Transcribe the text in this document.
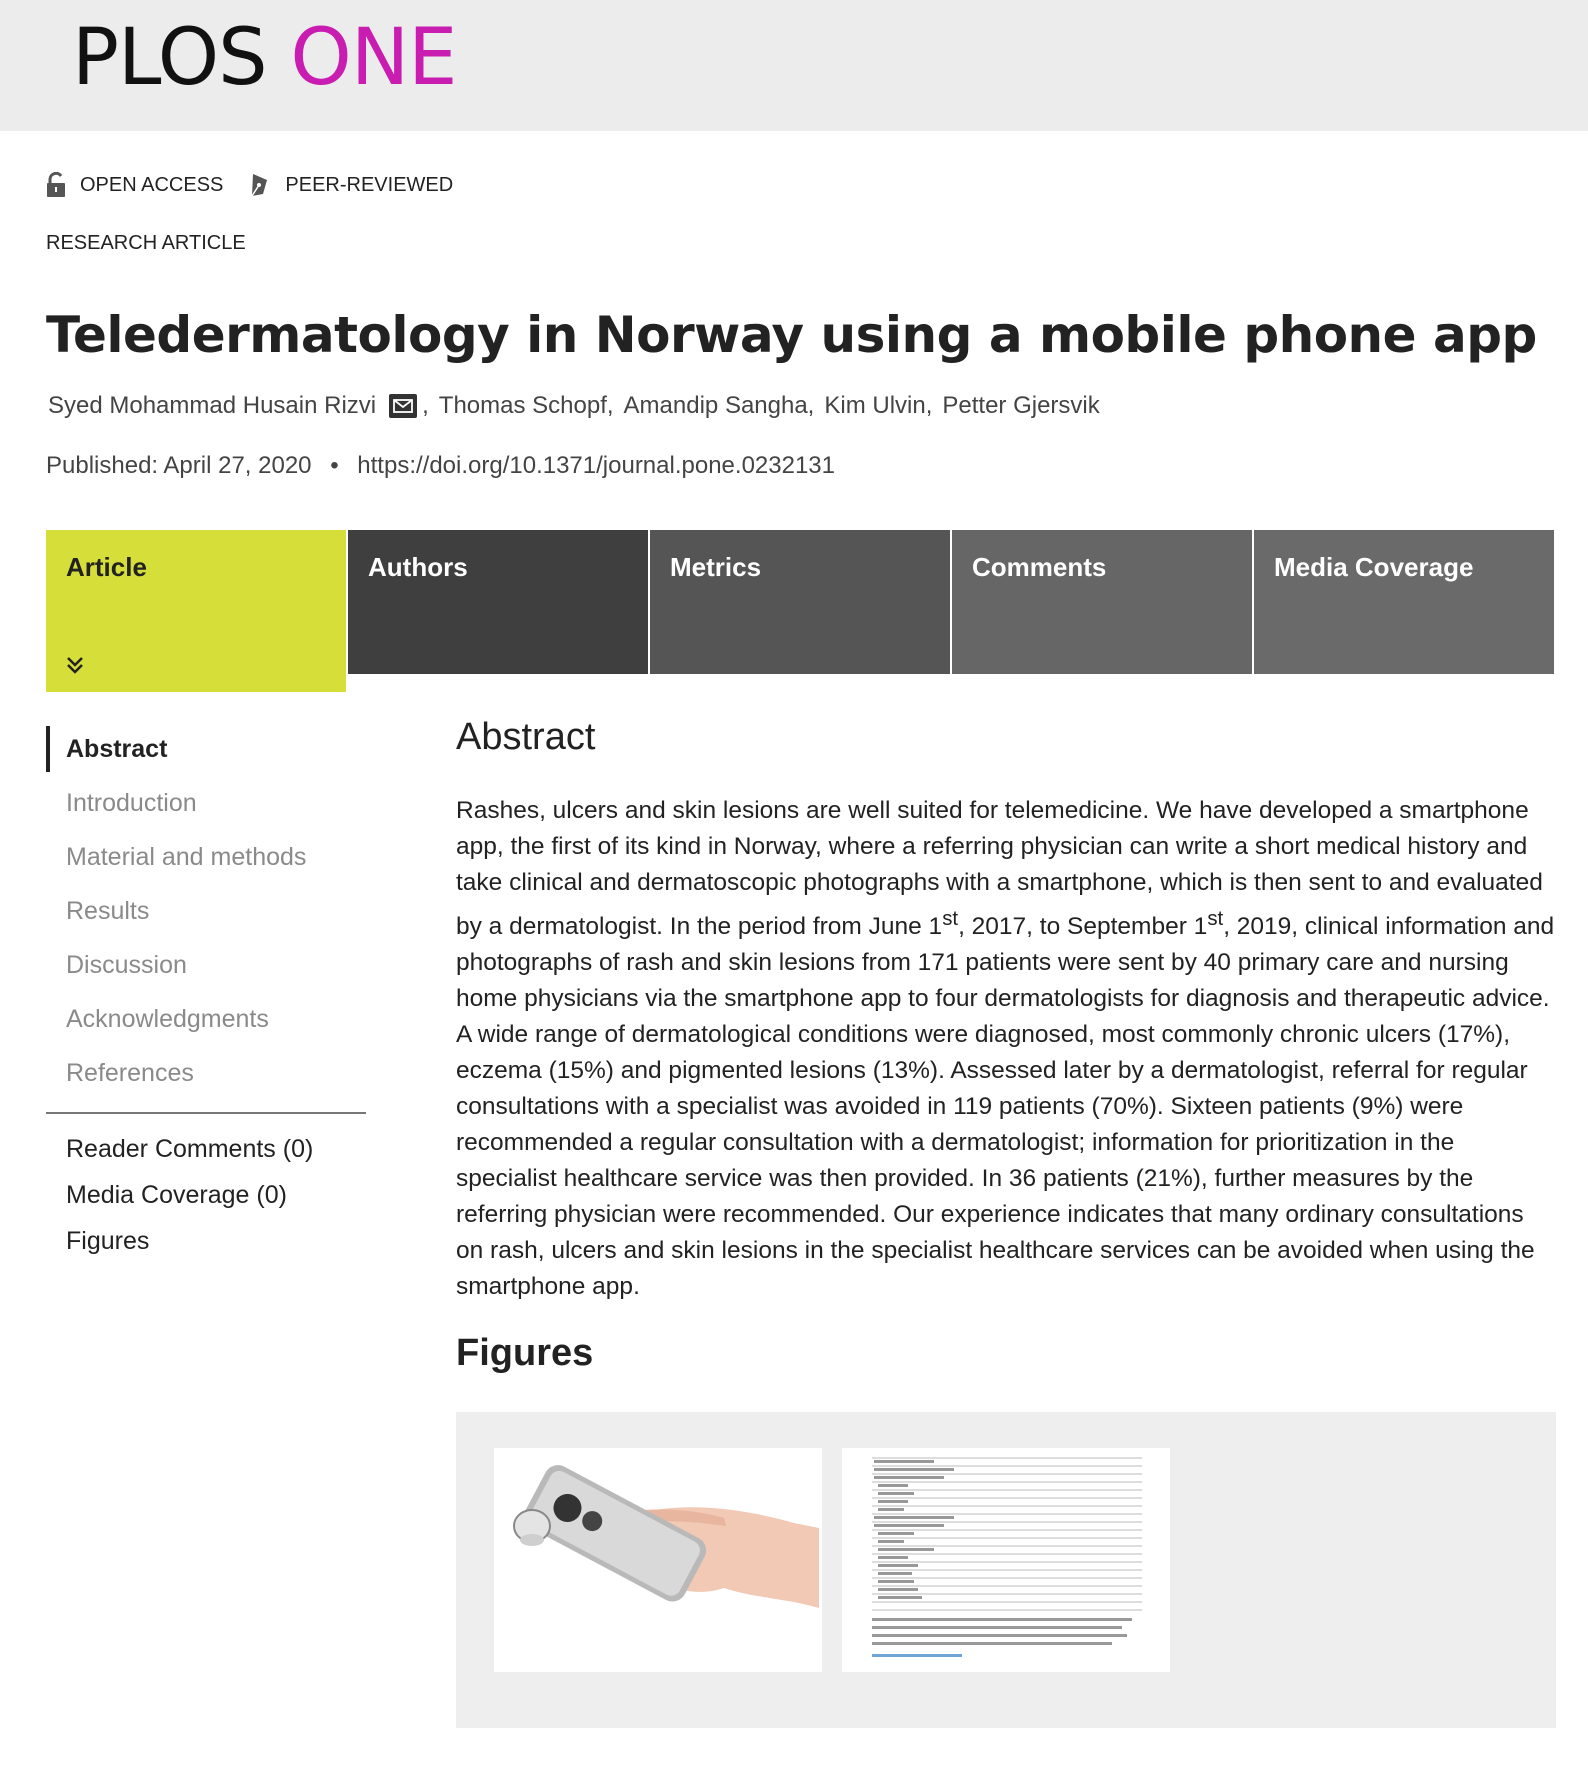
PLOS ONE
OPEN ACCESS	PEER-REVIEWED
RESEARCH ARTICLE
Teledermatology in Norway using a mobile phone app
Syed Mohammad Husain Rizvi , Thomas Schopf, Amandip Sangha, Kim Ulvin, Petter Gjersvik
Published: April 27, 2020 • https://doi.org/10.1371/journal.pone.0232131
Article	Authors	Metrics	Comments	Media Coverage
Abstract
Introduction
Material and methods
Results
Discussion
Acknowledgments
References
Reader Comments (0)
Media Coverage (0)
Figures
Abstract

Rashes, ulcers and skin lesions are well suited for telemedicine. We have developed a smartphone app, the first of its kind in Norway, where a referring physician can write a short medical history and take clinical and dermatoscopic photographs with a smartphone, which is then sent to and evaluated by a dermatologist. In the period from June 1st, 2017, to September 1st, 2019, clinical information and photographs of rash and skin lesions from 171 patients were sent by 40 primary care and nursing home physicians via the smartphone app to four dermatologists for diagnosis and therapeutic advice. A wide range of dermatological conditions were diagnosed, most commonly chronic ulcers (17%), eczema (15%) and pigmented lesions (13%). Assessed later by a dermatologist, referral for regular consultations with a specialist was avoided in 119 patients (70%). Sixteen patients (9%) were recommended a regular consultation with a dermatologist; information for prioritization in the specialist healthcare service was then provided. In 36 patients (21%), further measures by the referring physician were recommended. Our experience indicates that many ordinary consultations on rash, ulcers and skin lesions in the specialist healthcare services can be avoided when using the smartphone app.

Figures
